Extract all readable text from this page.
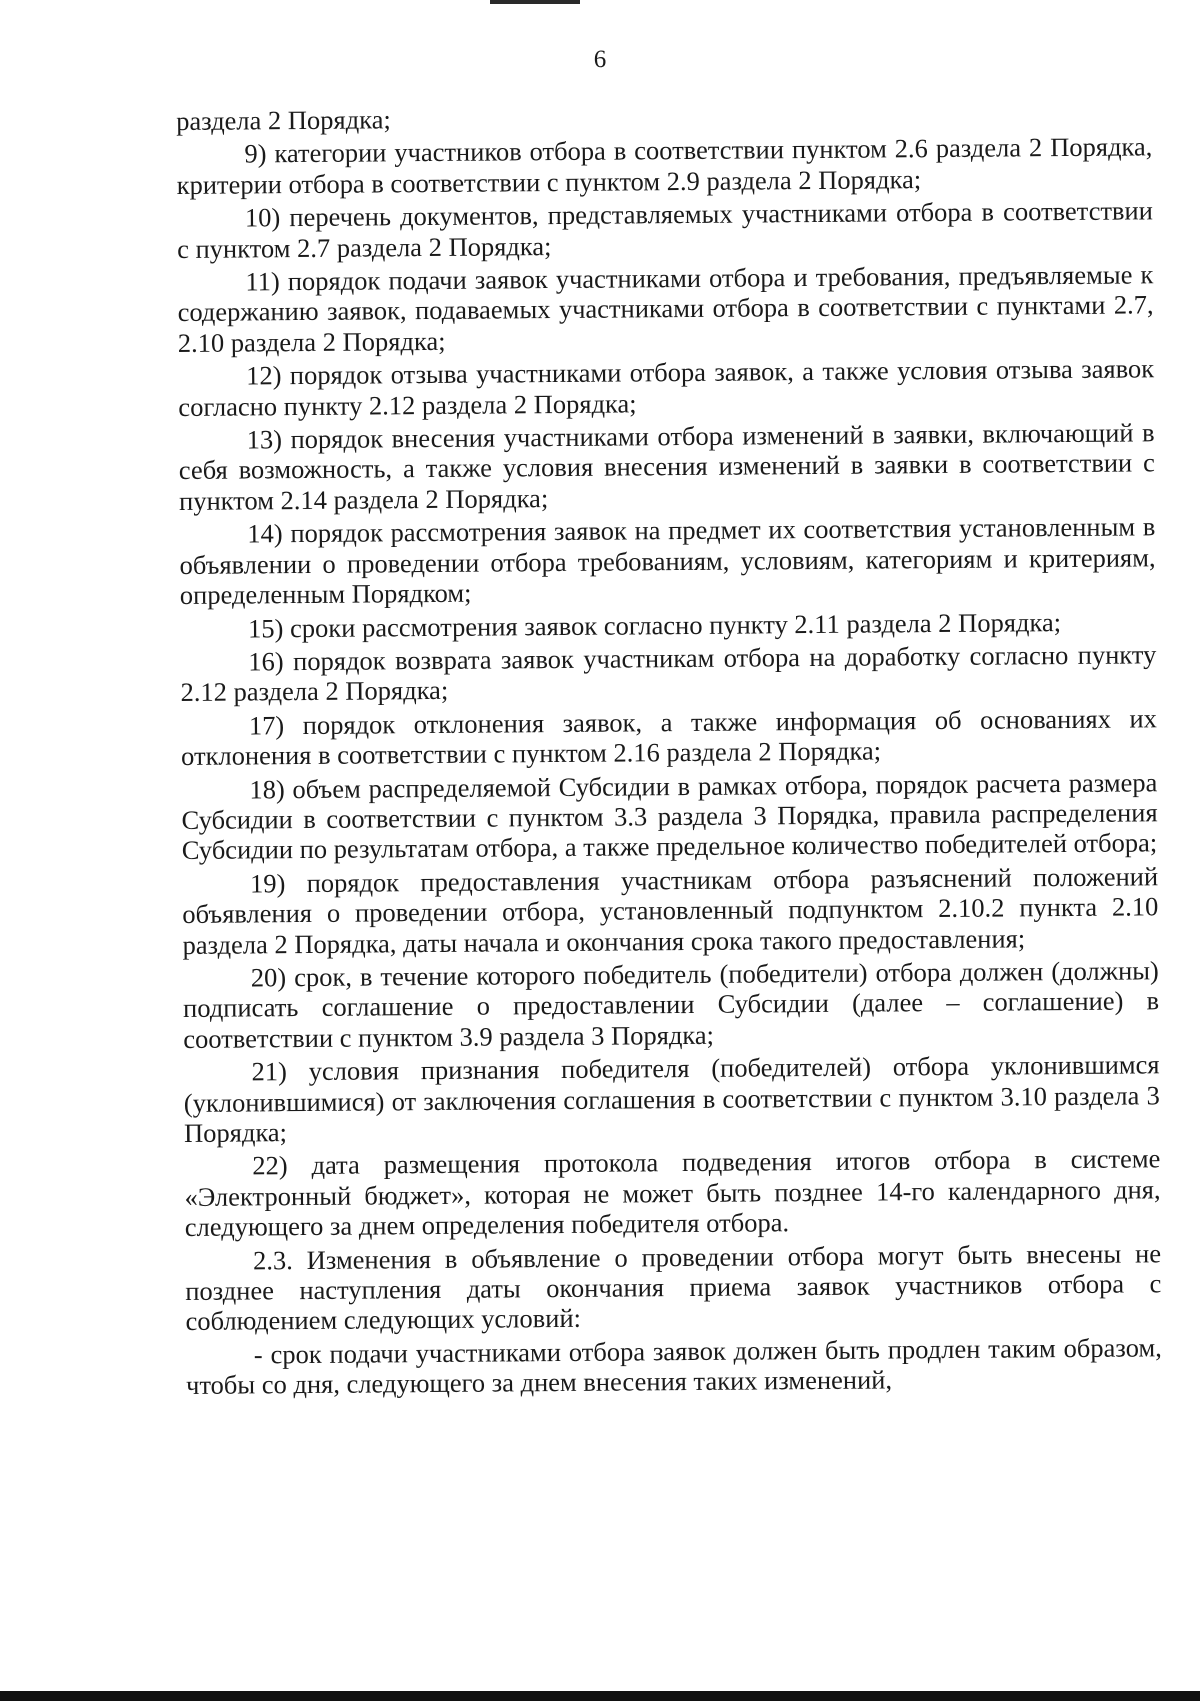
6

раздела 2 Порядка;

9) категории участников отбора в соответствии пунктом 2.6 раздела 2 Порядка, критерии отбора в соответствии с пунктом 2.9 раздела 2 Порядка;

10) перечень документов, представляемых участниками отбора в соответствии с пунктом 2.7 раздела 2 Порядка;

11) порядок подачи заявок участниками отбора и требования, предъявляемые к содержанию заявок, подаваемых участниками отбора в соответствии с пунктами 2.7, 2.10 раздела 2 Порядка;

12) порядок отзыва участниками отбора заявок, а также условия отзыва заявок согласно пункту 2.12 раздела 2 Порядка;

13) порядок внесения участниками отбора изменений в заявки, включающий в себя возможность, а также условия внесения изменений в заявки в соответствии с пунктом 2.14 раздела 2 Порядка;

14) порядок рассмотрения заявок на предмет их соответствия установленным в объявлении о проведении отбора требованиям, условиям, категориям и критериям, определенным Порядком;

15) сроки рассмотрения заявок согласно пункту 2.11 раздела 2 Порядка;

16) порядок возврата заявок участникам отбора на доработку согласно пункту 2.12 раздела 2 Порядка;

17) порядок отклонения заявок, а также информация об основаниях их отклонения в соответствии с пунктом 2.16 раздела 2 Порядка;

18) объем распределяемой Субсидии в рамках отбора, порядок расчета размера Субсидии в соответствии с пунктом 3.3 раздела 3 Порядка, правила распределения Субсидии по результатам отбора, а также предельное количество победителей отбора;

19) порядок предоставления участникам отбора разъяснений положений объявления о проведении отбора, установленный подпунктом 2.10.2 пункта 2.10 раздела 2 Порядка, даты начала и окончания срока такого предоставления;

20) срок, в течение которого победитель (победители) отбора должен (должны) подписать соглашение о предоставлении Субсидии (далее – соглашение) в соответствии с пунктом 3.9 раздела 3 Порядка;

21) условия признания победителя (победителей) отбора уклонившимся (уклонившимися) от заключения соглашения в соответствии с пунктом 3.10 раздела 3 Порядка;

22) дата размещения протокола подведения итогов отбора в системе «Электронный бюджет», которая не может быть позднее 14-го календарного дня, следующего за днем определения победителя отбора.

2.3. Изменения в объявление о проведении отбора могут быть внесены не позднее наступления даты окончания приема заявок участников отбора с соблюдением следующих условий:

- срок подачи участниками отбора заявок должен быть продлен таким образом, чтобы со дня, следующего за днем внесения таких изменений,
